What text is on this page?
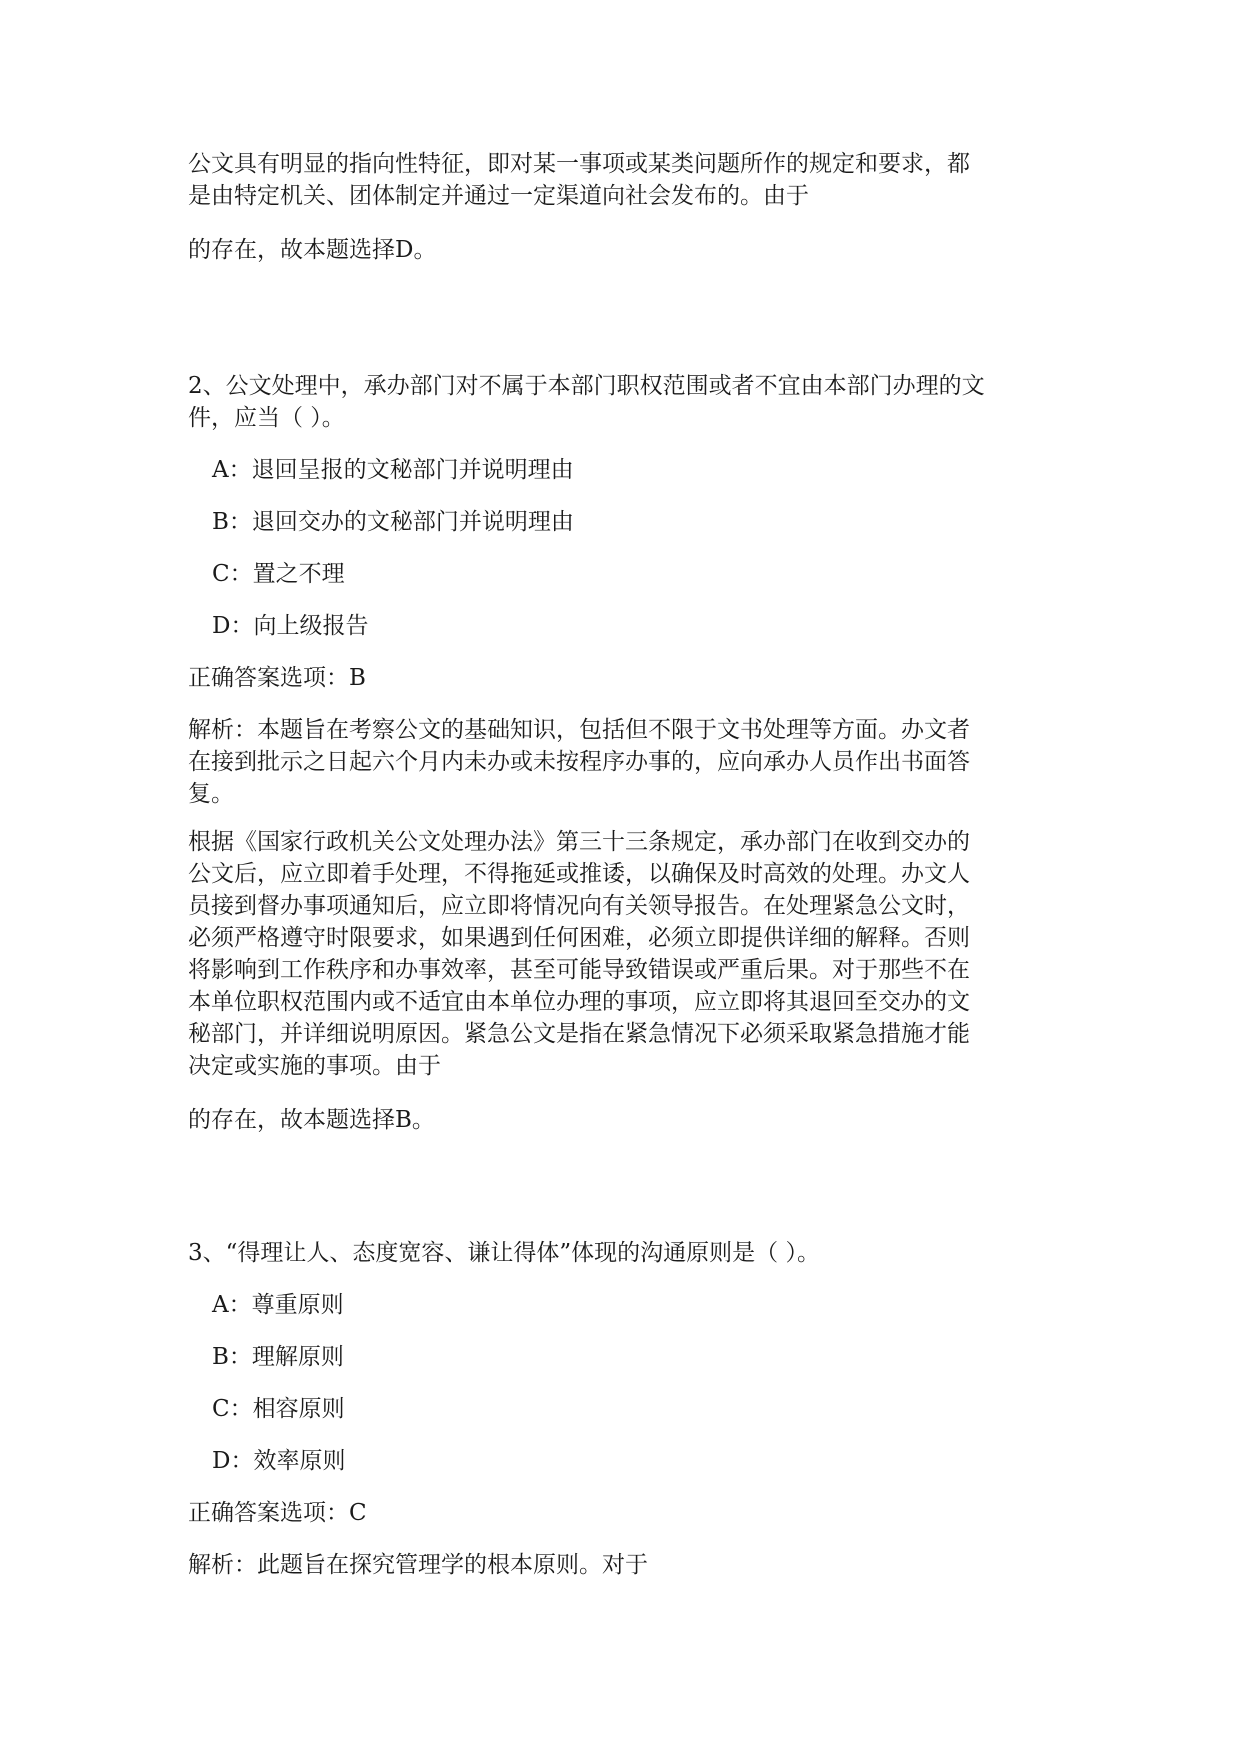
公文具有明显的指向性特征，即对某一事项或某类问题所作的规定和要求，都

是由特定机关、团体制定并通过一定渠道向社会发布的。由于

的存在，故本题选择D。

2、公文处理中，承办部门对不属于本部门职权范围或者不宜由本部门办理的文

件，应当（ ）。

A：退回呈报的文秘部门并说明理由

B：退回交办的文秘部门并说明理由

C：置之不理

D：向上级报告

正确答案选项：B

解析：本题旨在考察公文的基础知识，包括但不限于文书处理等方面。办文者

在接到批示之日起六个月内未办或未按程序办事的，应向承办人员作出书面答

复。

根据《国家行政机关公文处理办法》第三十三条规定，承办部门在收到交办的

公文后，应立即着手处理，不得拖延或推诿，以确保及时高效的处理。办文人

员接到督办事项通知后，应立即将情况向有关领导报告。在处理紧急公文时，

必须严格遵守时限要求，如果遇到任何困难，必须立即提供详细的解释。否则

将影响到工作秩序和办事效率，甚至可能导致错误或严重后果。对于那些不在

本单位职权范围内或不适宜由本单位办理的事项，应立即将其退回至交办的文

秘部门，并详细说明原因。紧急公文是指在紧急情况下必须采取紧急措施才能

决定或实施的事项。由于

的存在，故本题选择B。

3、“得理让人、态度宽容、谦让得体”体现的沟通原则是（ ）。

A：尊重原则

B：理解原则

C：相容原则

D：效率原则

正确答案选项：C

解析：此题旨在探究管理学的根本原则。对于
